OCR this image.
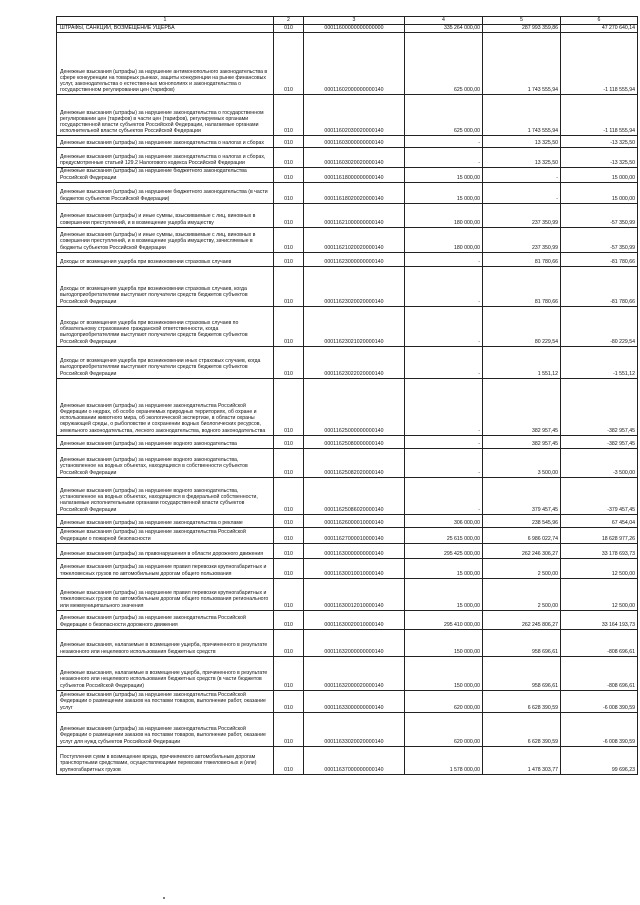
1	2	3	4	5	6
ШТРАФЫ, САНКЦИИ, ВОЗМЕЩЕНИЕ УЩЕРБА	010	00011600000000000000	335 264 000,00	287 993 359,86	47 270 640,14
Денежные взыскания (штрафы) за нарушение антимонопольного законодательства в сфере конкуренции на товарных рынках, защиты конкуренции на рынке финансовых услуг, законодательства о естественных монополиях и законодательства о государственном регулировании цен (тарифов)	010	00011602000000000140	625 000,00	1 743 555,94	-1 118 555,94
Денежные взыскания (штрафы) за нарушение законодательства о государственном регулировании цен (тарифов) в части цен (тарифов), регулируемых органами государственной власти субъектов Российской Федерации, налагаемые органами исполнительной власти субъектов Российской Федерации	010	00011602030020000140	625 000,00	1 743 555,94	-1 118 555,94
Денежные взыскания (штрафы) за нарушение законодательства о налогах и сборах	010	00011603000000000140	-	13 325,50	-13 325,50
Денежные взыскания (штрафы) за нарушение законодательства о налогах и сборах, предусмотренные статьей 129.2 Налогового кодекса Российской Федерации	010	00011603020020000140	-	13 325,50	-13 325,50
Денежные взыскания (штрафы) за нарушение бюджетного законодательства Российской Федерации	010	00011618000000000140	15 000,00	-	15 000,00
Денежные взыскания (штрафы) за нарушение бюджетного законодательства (в части бюджетов субъектов Российской Федерации)	010	00011618020020000140	15 000,00	-	15 000,00
Денежные взыскания (штрафы) и иные суммы, взыскиваемые с лиц, виновных в совершении преступлений, и в возмещение ущерба имуществу	010	00011621000000000140	180 000,00	237 350,99	-57 350,99
Денежные взыскания (штрафы) и иные суммы, взыскиваемые с лиц, виновных в совершении преступлений, и в возмещение ущерба имуществу, зачисляемые в бюджеты субъектов Российской Федерации	010	00011621020020000140	180 000,00	237 350,99	-57 350,99
Доходы от возмещения ущерба при возникновении страховых случаев	010	00011623000000000140	-	81 780,66	-81 780,66
Доходы от возмещения ущерба при возникновении страховых случаев, когда выгодоприобретателями выступают получатели средств бюджетов субъектов Российской Федерации	010	00011623020020000140	-	81 780,66	-81 780,66
Доходы от возмещения ущерба при возникновении страховых случаев по обязательному страхованию гражданской ответственности, когда выгодоприобретателями выступают получатели средств бюджетов субъектов Российской Федерации	010	00011623021020000140	-	80 229,54	-80 229,54
Доходы от возмещения ущерба при возникновении иных страховых случаев, когда выгодоприобретателями выступают получатели средств бюджетов субъектов Российской Федерации	010	00011623022020000140	-	1 551,12	-1 551,12
Денежные взыскания (штрафы) за нарушение законодательства Российской Федерации о недрах, об особо охраняемых природных территориях, об охране и использовании животного мира, об экологической экспертизе, в области охраны окружающей среды, о рыболовстве и сохранении водных биологических ресурсов, земельного законодательства, лесного законодательства, водного законодательства	010	00011625000000000140	-	382 957,45	-382 957,45
Денежные взыскания (штрафы) за нарушение водного законодательства	010	00011625080000000140	-	382 957,45	-382 957,45
Денежные взыскания (штрафы) за нарушение водного законодательства, установленное на водных объектах, находящихся в собственности субъектов Российской Федерации	010	00011625082020000140	-	3 500,00	-3 500,00
Денежные взыскания (штрафы) за нарушение водного законодательства, установленное на водных объектах, находящихся в федеральной собственности, налагаемые исполнительными органами государственной власти субъектов Российской Федерации	010	00011625086020000140	-	379 457,45	-379 457,45
Денежные взыскания (штрафы) за нарушение законодательства о рекламе	010	00011626000010000140	306 000,00	238 545,96	67 454,04
Денежные взыскания (штрафы) за нарушение законодательства Российской Федерации о пожарной безопасности	010	00011627000010000140	25 615 000,00	6 986 022,74	18 628 977,26
Денежные взыскания (штрафы) за правонарушения в области дорожного движения	010	00011630000000000140	295 425 000,00	262 246 306,27	33 178 693,73
Денежные взыскания (штрафы) за нарушение правил перевозки крупногабаритных и тяжеловесных грузов по автомобильным дорогам общего пользования	010	00011630010010000140	15 000,00	2 500,00	12 500,00
Денежные взыскания (штрафы) за нарушение правил перевозки крупногабаритных и тяжеловесных грузов по автомобильным дорогам общего пользования регионального или межмуниципального значения	010	00011630012010000140	15 000,00	2 500,00	12 500,00
Денежные взыскания (штрафы) за нарушение законодательства Российской Федерации о безопасности дорожного движения	010	00011630020010000140	295 410 000,00	262 245 806,27	33 164 193,73
Денежные взыскания, налагаемые в возмещение ущерба, причиненного в результате незаконного или нецелевого использования бюджетных средств	010	00011632000000000140	150 000,00	958 696,61	-808 696,61
Денежные взыскания, налагаемые в возмещение ущерба, причиненного в результате незаконного или нецелевого использования бюджетных средств (в части бюджетов субъектов Российской Федерации)	010	00011632000020000140	150 000,00	958 696,61	-808 696,61
Денежные взыскания (штрафы) за нарушение законодательства Российской Федерации о размещении заказов на поставки товаров, выполнение работ, оказание услуг	010	00011633000000000140	620 000,00	6 628 390,59	-6 008 390,59
Денежные взыскания (штрафы) за нарушение законодательства Российской Федерации о размещении заказов на поставки товаров, выполнение работ, оказание услуг для нужд субъектов Российской Федерации	010	00011633020020000140	620 000,00	6 628 390,59	-6 008 390,59
Поступления сумм в возмещение вреда, причиняемого автомобильным дорогам транспортными средствами, осуществляющими перевозки тяжеловесных и (или) крупногабаритных грузов	010	00011637000000000140	1 578 000,00	1 478 303,77	99 696,23
